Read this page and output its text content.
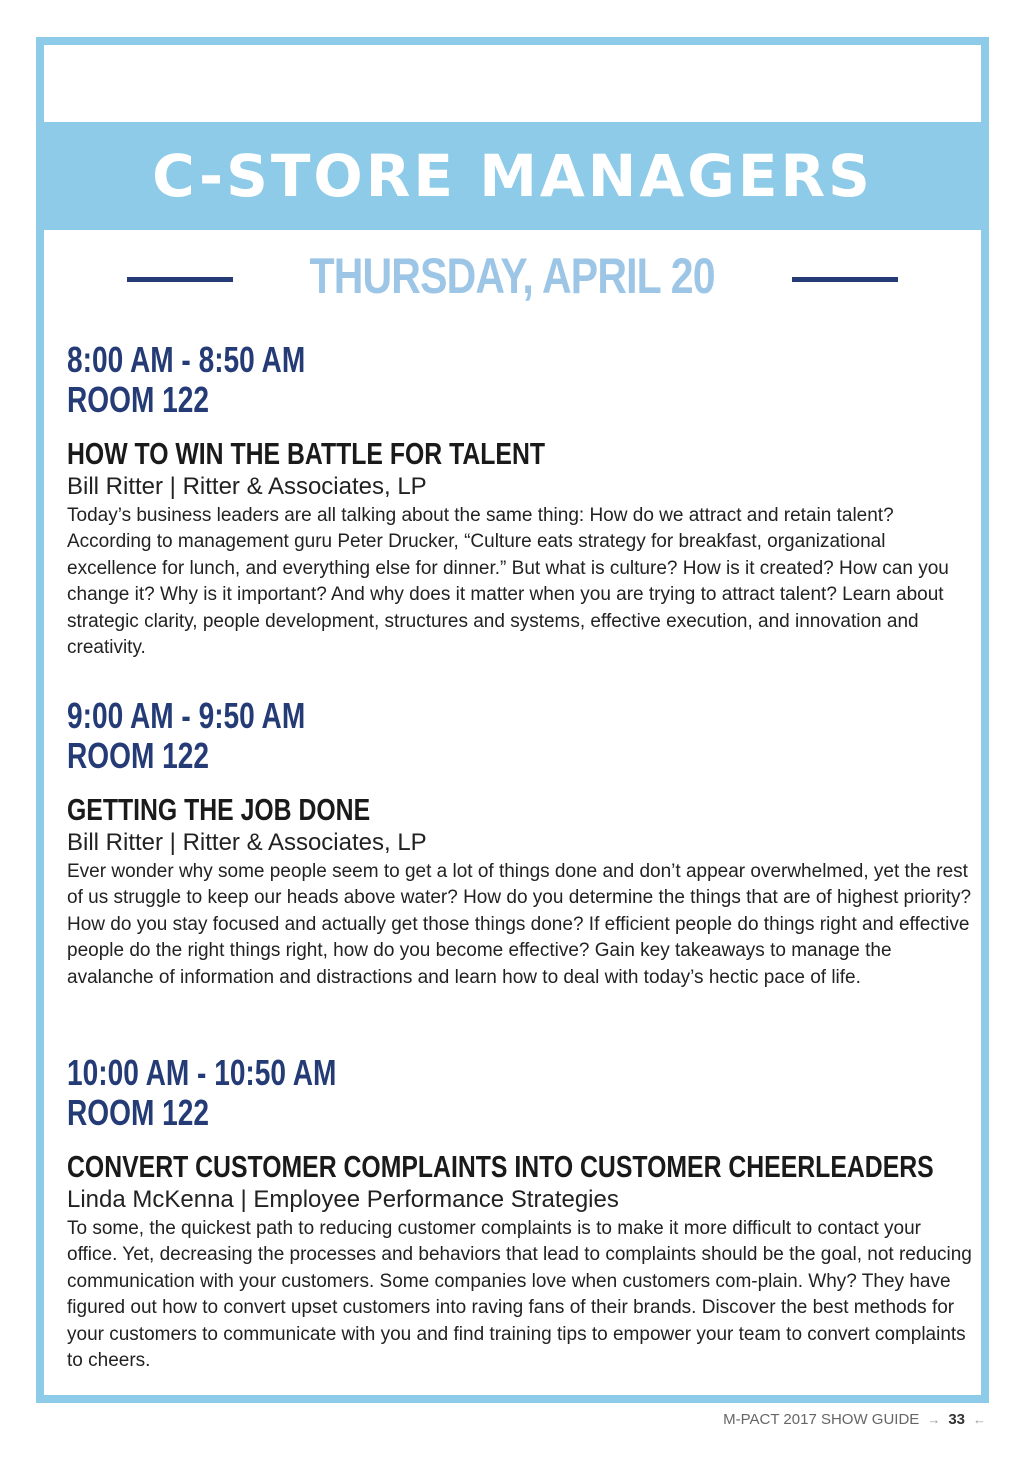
C-STORE MANAGERS
THURSDAY, APRIL 20
8:00 AM - 8:50 AM
ROOM 122
HOW TO WIN THE BATTLE FOR TALENT
Bill Ritter | Ritter & Associates, LP
Today’s business leaders are all talking about the same thing: How do we attract and retain talent? According to management guru Peter Drucker, “Culture eats strategy for breakfast, organizational excellence for lunch, and everything else for dinner.” But what is culture? How is it created? How can you change it? Why is it important? And why does it matter when you are trying to attract talent? Learn about strategic clarity, people development, structures and systems, effective execution, and innovation and creativity.
9:00 AM - 9:50 AM
ROOM 122
GETTING THE JOB DONE
Bill Ritter | Ritter & Associates, LP
Ever wonder why some people seem to get a lot of things done and don’t appear overwhelmed, yet the rest of us struggle to keep our heads above water? How do you determine the things that are of highest priority? How do you stay focused and actually get those things done? If efficient people do things right and effective people do the right things right, how do you become effective? Gain key takeaways to manage the avalanche of information and distractions and learn how to deal with today’s hectic pace of life.
10:00 AM - 10:50 AM
ROOM 122
CONVERT CUSTOMER COMPLAINTS INTO CUSTOMER CHEERLEADERS
Linda McKenna | Employee Performance Strategies
To some, the quickest path to reducing customer complaints is to make it more difficult to contact your office. Yet, decreasing the processes and behaviors that lead to complaints should be the goal, not reducing communication with your customers. Some companies love when customers com-plain. Why? They have figured out how to convert upset customers into raving fans of their brands. Discover the best methods for your customers to communicate with you and find training tips to empower your team to convert complaints to cheers.
M-PACT 2017 SHOW GUIDE → 33 ←
